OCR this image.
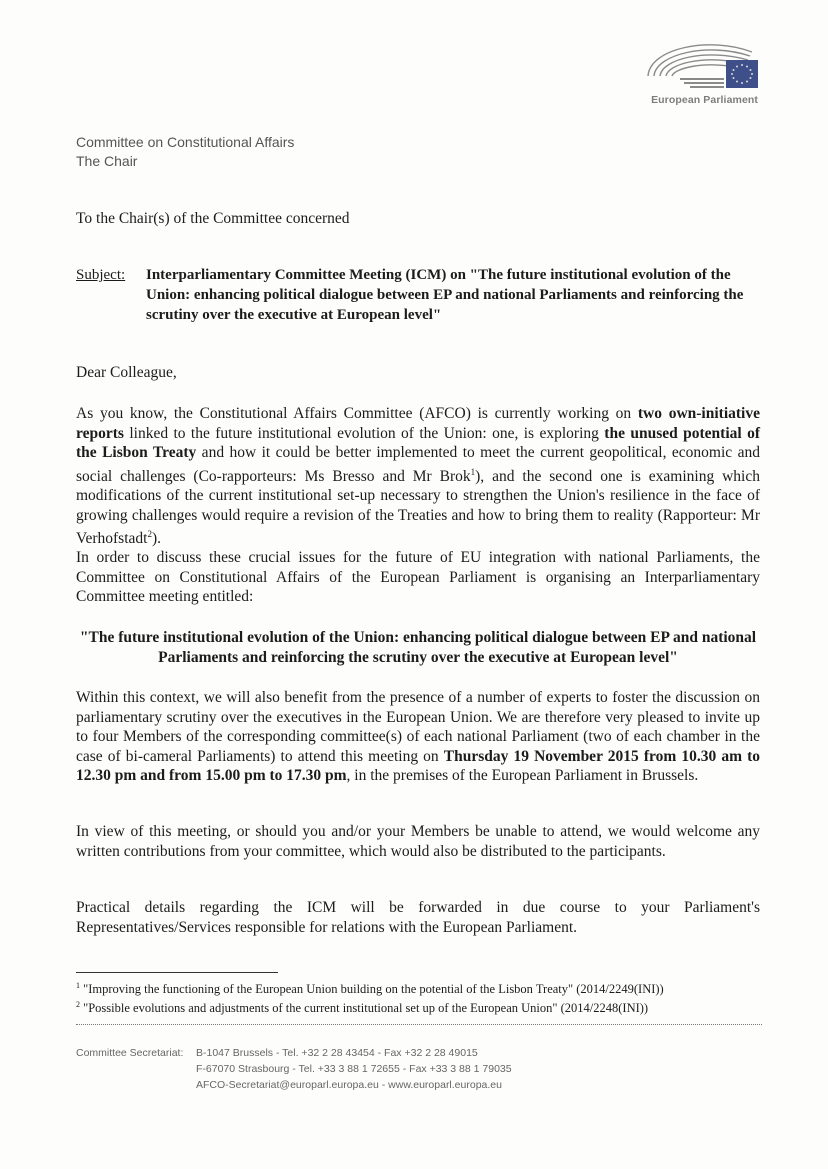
European Parliament
Committee on Constitutional Affairs
The Chair
To the Chair(s) of the Committee concerned
Subject: Interparliamentary Committee Meeting (ICM) on "The future institutional evolution of the Union: enhancing political dialogue between EP and national Parliaments and reinforcing the scrutiny over the executive at European level"
Dear Colleague,
As you know, the Constitutional Affairs Committee (AFCO) is currently working on two own-initiative reports linked to the future institutional evolution of the Union: one, is exploring the unused potential of the Lisbon Treaty and how it could be better implemented to meet the current geopolitical, economic and social challenges (Co-rapporteurs: Ms Bresso and Mr Brok$^1$), and the second one is examining which modifications of the current institutional set-up necessary to strengthen the Union's resilience in the face of growing challenges would require a revision of the Treaties and how to bring them to reality (Rapporteur: Mr Verhofstadt$^2$).
In order to discuss these crucial issues for the future of EU integration with national Parliaments, the Committee on Constitutional Affairs of the European Parliament is organising an Interparliamentary Committee meeting entitled:
"The future institutional evolution of the Union: enhancing political dialogue between EP and national Parliaments and reinforcing the scrutiny over the executive at European level"
Within this context, we will also benefit from the presence of a number of experts to foster the discussion on parliamentary scrutiny over the executives in the European Union. We are therefore very pleased to invite up to four Members of the corresponding committee(s) of each national Parliament (two of each chamber in the case of bi-cameral Parliaments) to attend this meeting on Thursday 19 November 2015 from 10.30 am to 12.30 pm and from 15.00 pm to 17.30 pm, in the premises of the European Parliament in Brussels.
In view of this meeting, or should you and/or your Members be unable to attend, we would welcome any written contributions from your committee, which would also be distributed to the participants.
Practical details regarding the ICM will be forwarded in due course to your Parliament's Representatives/Services responsible for relations with the European Parliament.
$^1$ "Improving the functioning of the European Union building on the potential of the Lisbon Treaty" (2014/2249(INI))
$^2$ "Possible evolutions and adjustments of the current institutional set up of the European Union" (2014/2248(INI))
Committee Secretariat: B-1047 Brussels - Tel. +32 2 28 43454 - Fax +32 2 28 49015
F-67070 Strasbourg - Tel. +33 3 88 1 72655 - Fax +33 3 88 1 79035
AFCO-Secretariat@europarl.europa.eu - www.europarl.europa.eu
